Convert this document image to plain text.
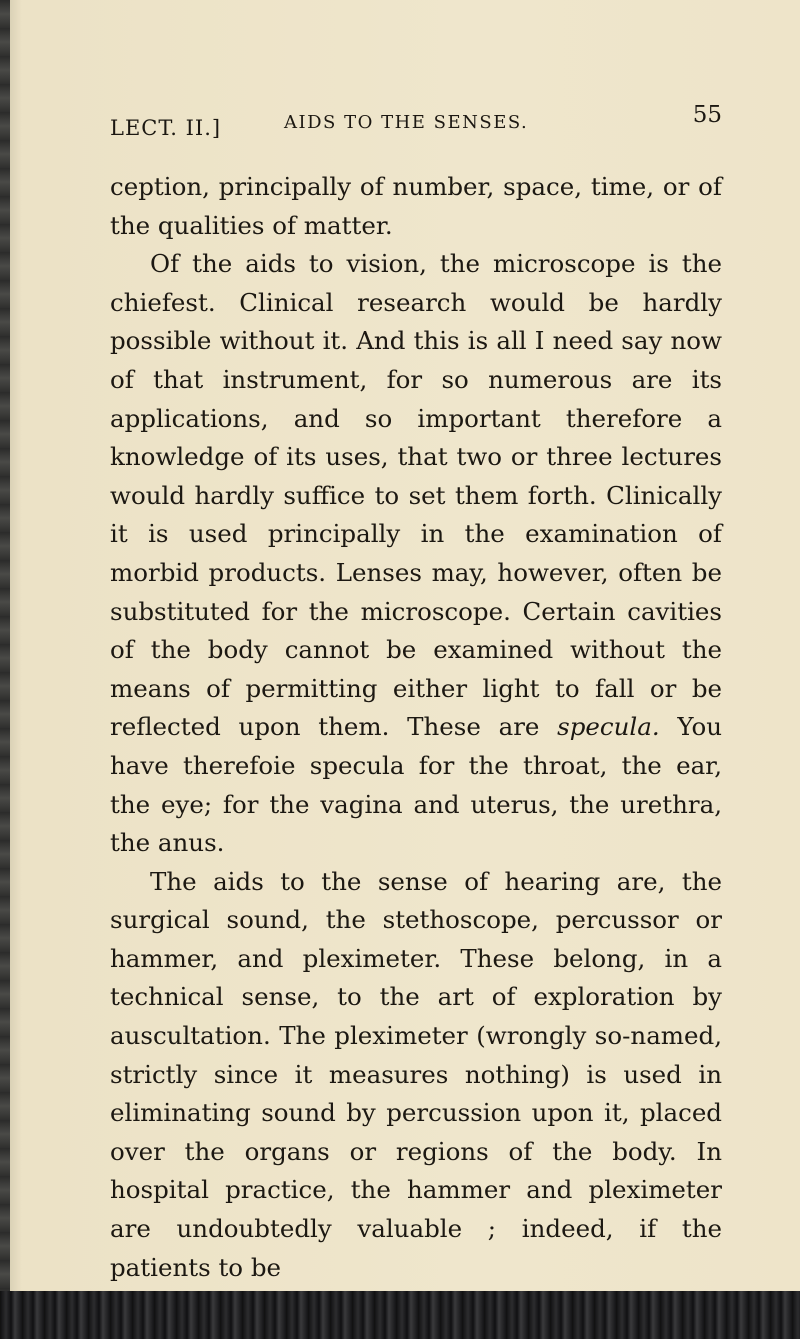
LECT. II.]	AIDS TO THE SENSES.	55

ception, principally of number, space, time, or of the qualities of matter.

Of the aids to vision, the microscope is the chiefest. Clinical research would be hardly possible without it. And this is all I need say now of that instrument, for so numerous are its applications, and so important therefore a knowledge of its uses, that two or three lectures would hardly suffice to set them forth. Clinically it is used principally in the examination of morbid products. Lenses may, however, often be substituted for the microscope. Certain cavities of the body cannot be examined without the means of permitting either light to fall or be reflected upon them. These are specula. You have therefoie specula for the throat, the ear, the eye; for the vagina and uterus, the urethra, the anus.

The aids to the sense of hearing are, the surgical sound, the stethoscope, percussor or hammer, and pleximeter. These belong, in a technical sense, to the art of exploration by auscultation. The pleximeter (wrongly so-named, strictly since it measures nothing) is used in eliminating sound by percussion upon it, placed over the organs or regions of the body. In hospital practice, the hammer and pleximeter are undoubtedly valuable ; indeed, if the patients to be
